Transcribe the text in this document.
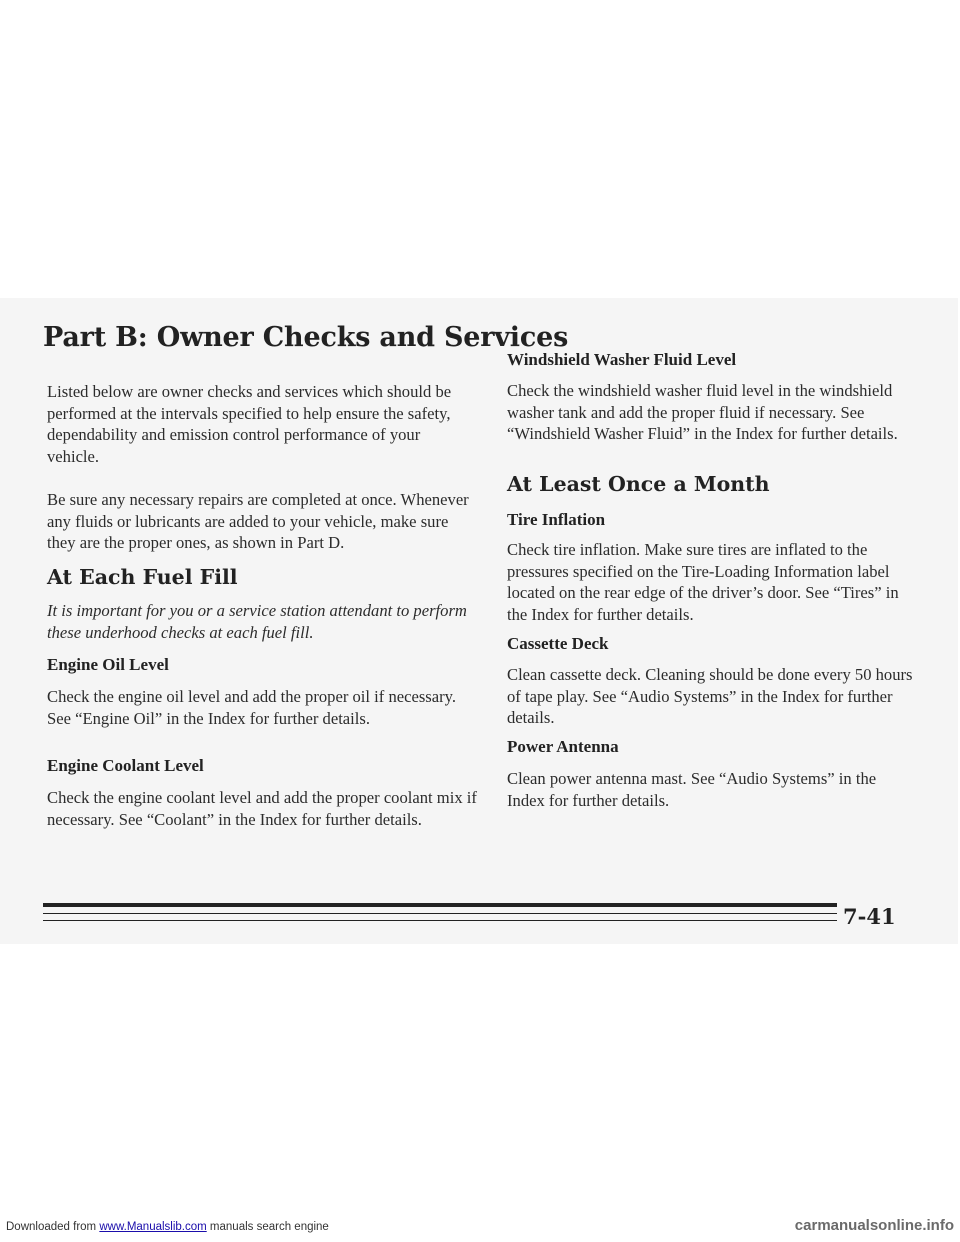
Part B: Owner Checks and Services

Listed below are owner checks and services which should be performed at the intervals specified to help ensure the safety, dependability and emission control performance of your vehicle.

Be sure any necessary repairs are completed at once. Whenever any fluids or lubricants are added to your vehicle, make sure they are the proper ones, as shown in Part D.

At Each Fuel Fill

It is important for you or a service station attendant to perform these underhood checks at each fuel fill.

Engine Oil Level

Check the engine oil level and add the proper oil if necessary. See “Engine Oil” in the Index for further details.

Engine Coolant Level

Check the engine coolant level and add the proper coolant mix if necessary. See “Coolant” in the Index for further details.

Windshield Washer Fluid Level

Check the windshield washer fluid level in the windshield washer tank and add the proper fluid if necessary. See “Windshield Washer Fluid” in the Index for further details.

At Least Once a Month
Tire Inflation

Check tire inflation. Make sure tires are inflated to the pressures specified on the Tire-Loading Information label located on the rear edge of the driver’s door. See “Tires” in the Index for further details.

Cassette Deck

Clean cassette deck. Cleaning should be done every 50 hours of tape play. See “Audio Systems” in the Index for further details.

Power Antenna

Clean power antenna mast. See “Audio Systems” in the Index for further details.

7-41
Downloaded from www.Manualslib.com manuals search engine	carmanualsonline.info
